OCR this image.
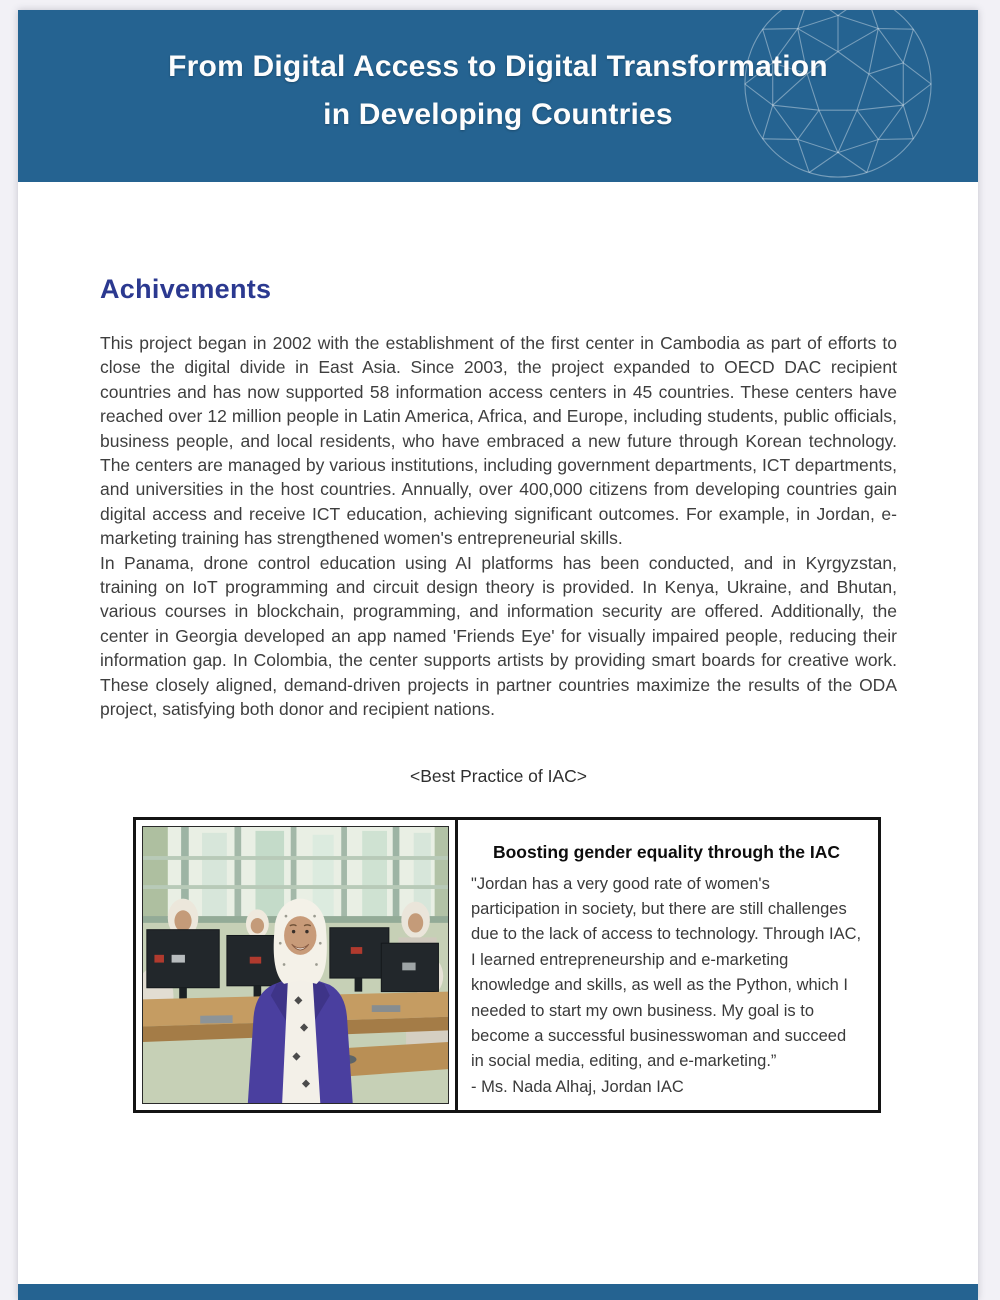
From Digital Access to Digital Transformation
in Developing Countries
Achivements

This project began in 2002 with the establishment of the first center in Cambodia as part of efforts to close the digital divide in East Asia. Since 2003, the project expanded to OECD DAC recipient countries and has now supported 58 information access centers in 45 countries. These centers have reached over 12 million people in Latin America, Africa, and Europe, including students, public officials, business people, and local residents, who have embraced a new future through Korean technology. The centers are managed by various institutions, including government departments, ICT departments, and universities in the host countries. Annually, over 400,000 citizens from developing countries gain digital access and receive ICT education, achieving significant outcomes. For example, in Jordan, e-marketing training has strengthened women's entrepreneurial skills.

In Panama, drone control education using AI platforms has been conducted, and in Kyrgyzstan, training on IoT programming and circuit design theory is provided. In Kenya, Ukraine, and Bhutan, various courses in blockchain, programming, and information security are offered. Additionally, the center in Georgia developed an app named 'Friends Eye' for visually impaired people, reducing their information gap. In Colombia, the center supports artists by providing smart boards for creative work. These closely aligned, demand-driven projects in partner countries maximize the results of the ODA project, satisfying both donor and recipient nations.

<Best Practice of IAC>
Boosting gender equality through the IAC
"Jordan has a very good rate of women's participation in society, but there are still challenges due to the lack of access to technology. Through IAC, I learned entrepreneurship and e-marketing knowledge and skills, as well as the Python, which I needed to start my own business. My goal is to become a successful businesswoman and succeed in social media, editing, and e-marketing.”
- Ms. Nada Alhaj, Jordan IAC
